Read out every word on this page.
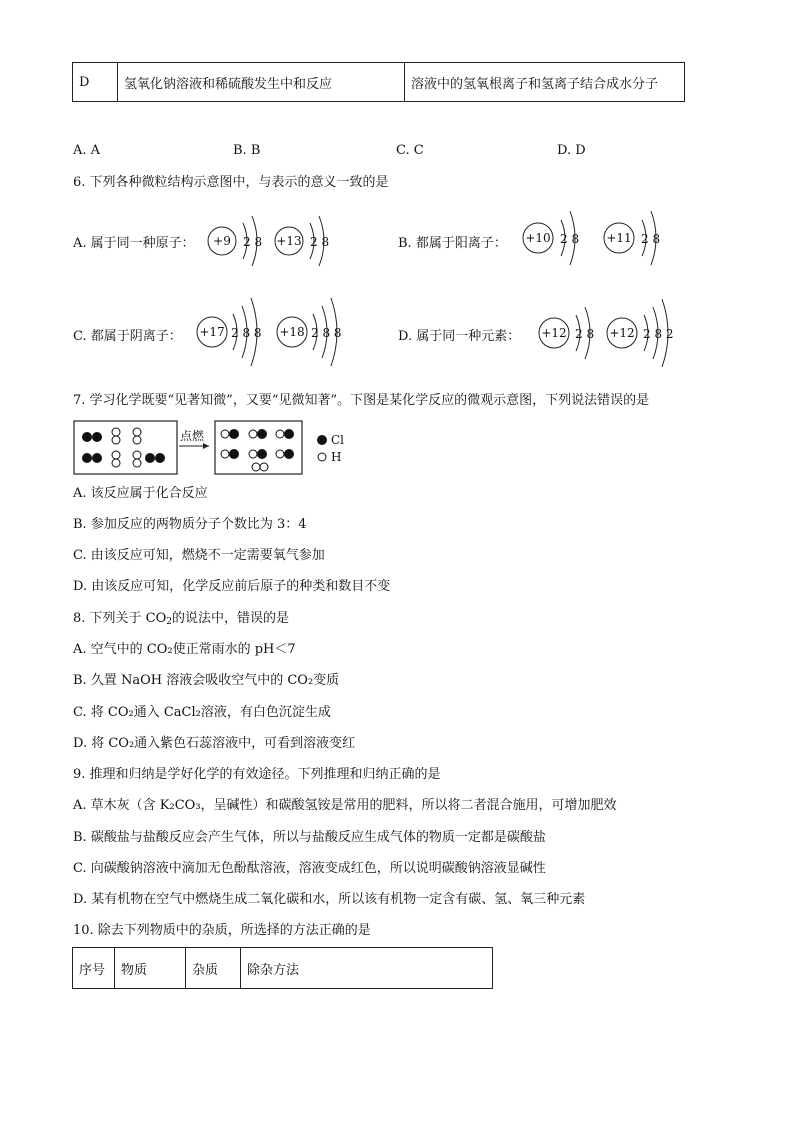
D	氢氧化钠溶液和稀硫酸发生中和反应	溶液中的氢氧根离子和氢离子结合成水分子
A. A	B. B	C. C	D. D
6. 下列各种微粒结构示意图中，与表示的意义一致的是
A. 属于同一种原子：	B. 都属于阳离子：
C. 都属于阴离子：	D. 属于同一种元素：
+9	+13	+10	+11
+17	+18	+12	+12
2 8	2 8	2 8	2 8
2 8 8	2 8 8	2 8	2 8 2
7. 学习化学既要“见著知微”，又要“见微知著”。下图是某化学反应的微观示意图，下列说法错误的是
点燃	Cl
H
A. 该反应属于化合反应
B. 参加反应的两物质分子个数比为 3：4
C. 由该反应可知，燃烧不一定需要氧气参加
D. 由该反应可知，化学反应前后原子的种类和数目不变
8. 下列关于 $CO_2$的说法中，错误的是
A. 空气中的 CO₂使正常雨水的 pH＜7
B. 久置 NaOH 溶液会吸收空气中的 CO₂变质
C. 将 CO₂通入 CaCl₂溶液，有白色沉淀生成
D. 将 CO₂通入紫色石蕊溶液中，可看到溶液变红
9. 推理和归纳是学好化学的有效途径。下列推理和归纳正确的是
A. 草木灰（含 K₂CO₃，呈碱性）和碳酸氢铵是常用的肥料，所以将二者混合施用，可增加肥效
B. 碳酸盐与盐酸反应会产生气体，所以与盐酸反应生成气体的物质一定都是碳酸盐
C. 向碳酸钠溶液中滴加无色酚酞溶液，溶液变成红色，所以说明碳酸钠溶液显碱性
D. 某有机物在空气中燃烧生成二氧化碳和水，所以该有机物一定含有碳、氢、氧三种元素
10. 除去下列物质中的杂质，所选择的方法正确的是
序号	物质	杂质	除杂方法
